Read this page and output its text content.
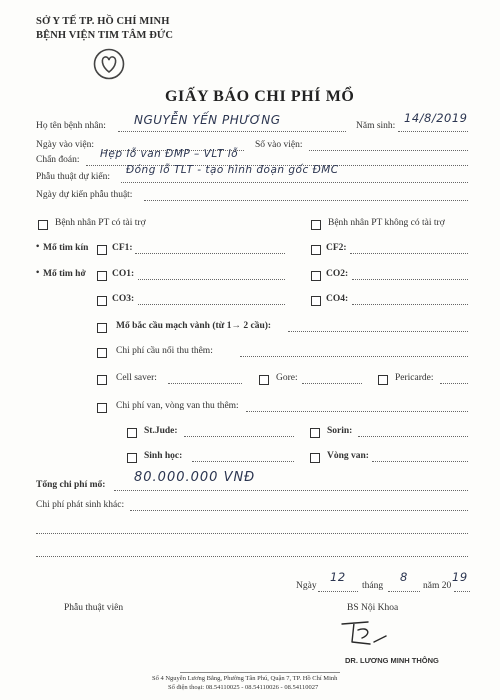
SỞ Y TẾ TP. HỒ CHÍ MINH
BỆNH VIỆN TIM TÂM ĐỨC
GIẤY BÁO CHI PHÍ MỔ
Họ tên bệnh nhân: NGUYỄN YẾN PHƯƠNG	Năm sinh:
14/8/2019
Ngày vào viện:	Số vào viện:
Chẩn đoán: Hẹp lỗ van ĐMP – VLT lỗ
Phẫu thuật dự kiến:
Đóng lỗ TLT - tạo hình đoạn gốc ĐMC
Ngày dự kiến phẫu thuật:
Bệnh nhân PT có tài trợ	Bệnh nhân PT không có tài trợ
• Mổ tim kín CF1:	CF2:
• Mổ tim hở	CO1:	CO2:
CO3:	CO4:
Mổ bắc cầu mạch vành (từ 1→ 2 cầu):
Chi phí cầu nối thu thêm:
Cell saver:	Gore:	Pericarde:
Chi phí van, vòng van thu thêm:
St.Jude:	Sorin:
Sinh học:	Vòng van:
Tổng chi phí mổ: 80.000.000 VNĐ
Chi phí phát sinh khác:
Ngày
12
tháng
8
năm 20
19
Phẫu thuật viên	BS Nội Khoa
DR. LƯƠNG MINH THÔNG
Số 4 Nguyễn Lương Bằng, Phường Tân Phú, Quận 7, TP. Hồ Chí Minh
Số điện thoại: 08.54110025 - 08.54110026 - 08.54110027
